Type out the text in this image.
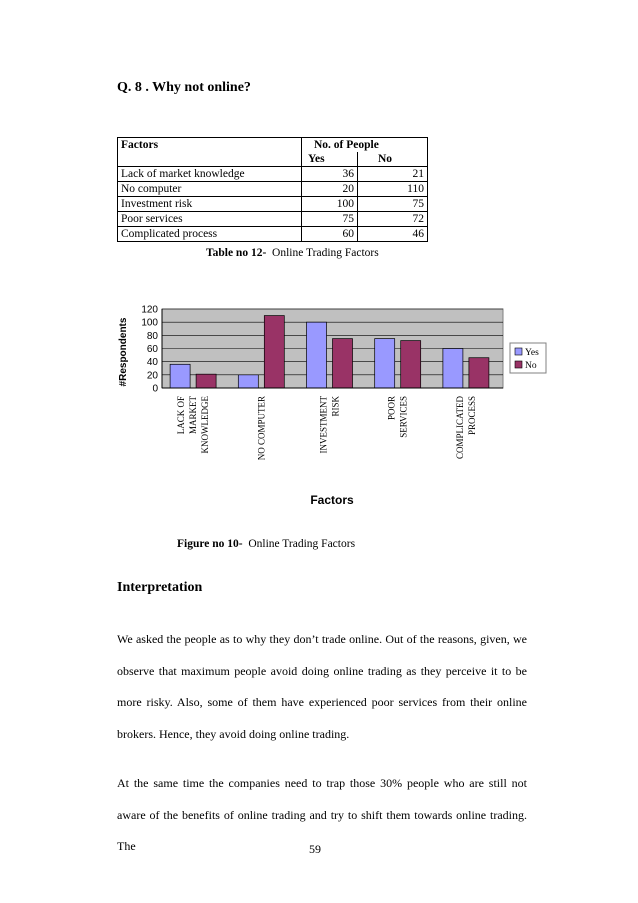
Q. 8 . Why not online?
Factors	No. of People	
	Yes	No
Lack of market knowledge	36	21
No computer	20	110
Investment risk	100	75
Poor services	75	72
Complicated process	60	46
Table no 12- Online Trading Factors
0
20
40
60
80
100
120
LACK OF MARKET KNOWLEDGE	NO COMPUTER	INVESTMENT RISK	POOR SERVICES	COMPLICATED PROCESS
Yes
No
#Respondents
Factors
Figure no 10- Online Trading Factors
Interpretation

We asked the people as to why they don’t trade online. Out of the reasons, given, we observe that maximum people avoid doing online trading as they perceive it to be more risky. Also, some of them have experienced poor services from their online brokers. Hence, they avoid doing online trading.

At the same time the companies need to trap those 30% people who are still not aware of the benefits of online trading and try to shift them towards online trading. The	59
